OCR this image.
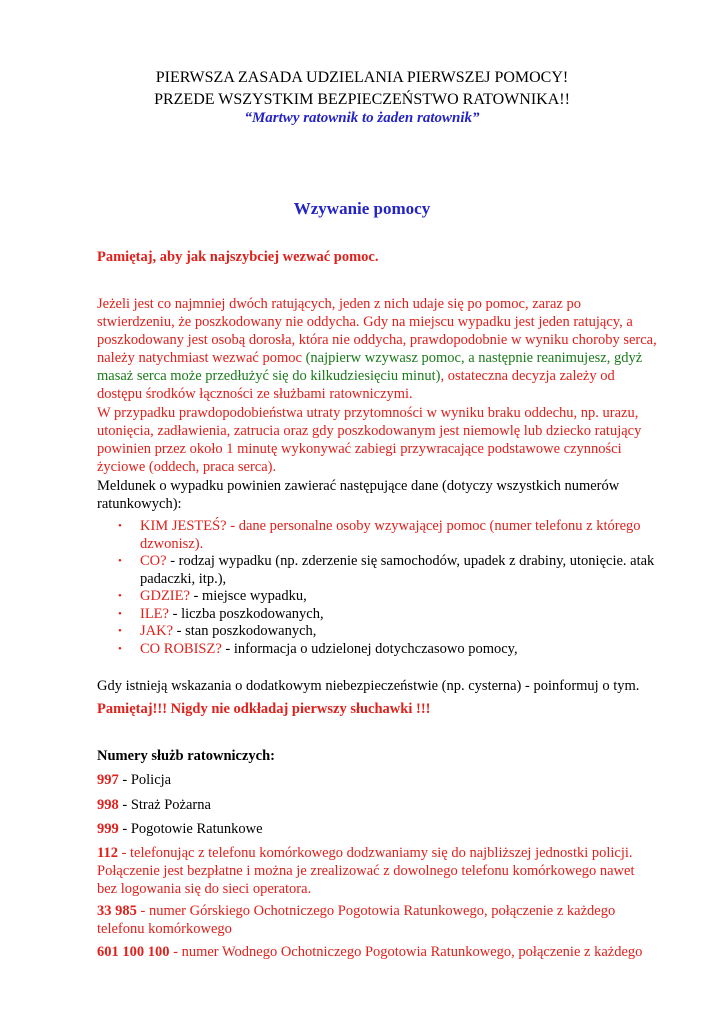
PIERWSZA ZASADA UDZIELANIA PIERWSZEJ POMOCY!
PRZEDE WSZYSTKIM BEZPIECZEŃSTWO RATOWNIKA!!
“Martwy ratownik to żaden ratownik”
Wzywanie pomocy
Pamiętaj, aby jak najszybciej wezwać pomoc.
Jeżeli jest co najmniej dwóch ratujących, jeden z nich udaje się po pomoc, zaraz po
stwierdzeniu, że poszkodowany nie oddycha. Gdy na miejscu wypadku jest jeden ratujący, a
poszkodowany jest osobą dorosła, która nie oddycha, prawdopodobnie w wyniku choroby serca,
należy natychmiast wezwać pomoc (najpierw wzywasz pomoc, a następnie reanimujesz, gdyż
masaż serca może przedłużyć się do kilkudziesięciu minut), ostateczna decyzja zależy od
dostępu środków łączności ze służbami ratowniczymi.
W przypadku prawdopodobieństwa utraty przytomności w wyniku braku oddechu, np. urazu,
utonięcia, zadławienia, zatrucia oraz gdy poszkodowanym jest niemowlę lub dziecko ratujący
powinien przez około 1 minutę wykonywać zabiegi przywracające podstawowe czynności
życiowe (oddech, praca serca).
Meldunek o wypadku powinien zawierać następujące dane (dotyczy wszystkich numerów
ratunkowych):
• KIM JESTEŚ? - dane personalne osoby wzywającej pomoc (numer telefonu z którego
dzwonisz).
• CO? - rodzaj wypadku (np. zderzenie się samochodów, upadek z drabiny, utonięcie. atak
padaczki, itp.),
• GDZIE? - miejsce wypadku,
• ILE? - liczba poszkodowanych,
• JAK? - stan poszkodowanych,
• CO ROBISZ? - informacja o udzielonej dotychczasowo pomocy,
Gdy istnieją wskazania o dodatkowym niebezpieczeństwie (np. cysterna) - poinformuj o tym.
Pamiętaj!!! Nigdy nie odkładaj pierwszy słuchawki !!!
Numery służb ratowniczych:
997 - Policja
998 - Straż Pożarna
999 - Pogotowie Ratunkowe
112 - telefonując z telefonu komórkowego dodzwaniamy się do najbliższej jednostki policji.
Połączenie jest bezpłatne i można je zrealizować z dowolnego telefonu komórkowego nawet
bez logowania się do sieci operatora.
33 985 - numer Górskiego Ochotniczego Pogotowia Ratunkowego, połączenie z każdego
telefonu komórkowego
601 100 100 - numer Wodnego Ochotniczego Pogotowia Ratunkowego, połączenie z każdego
